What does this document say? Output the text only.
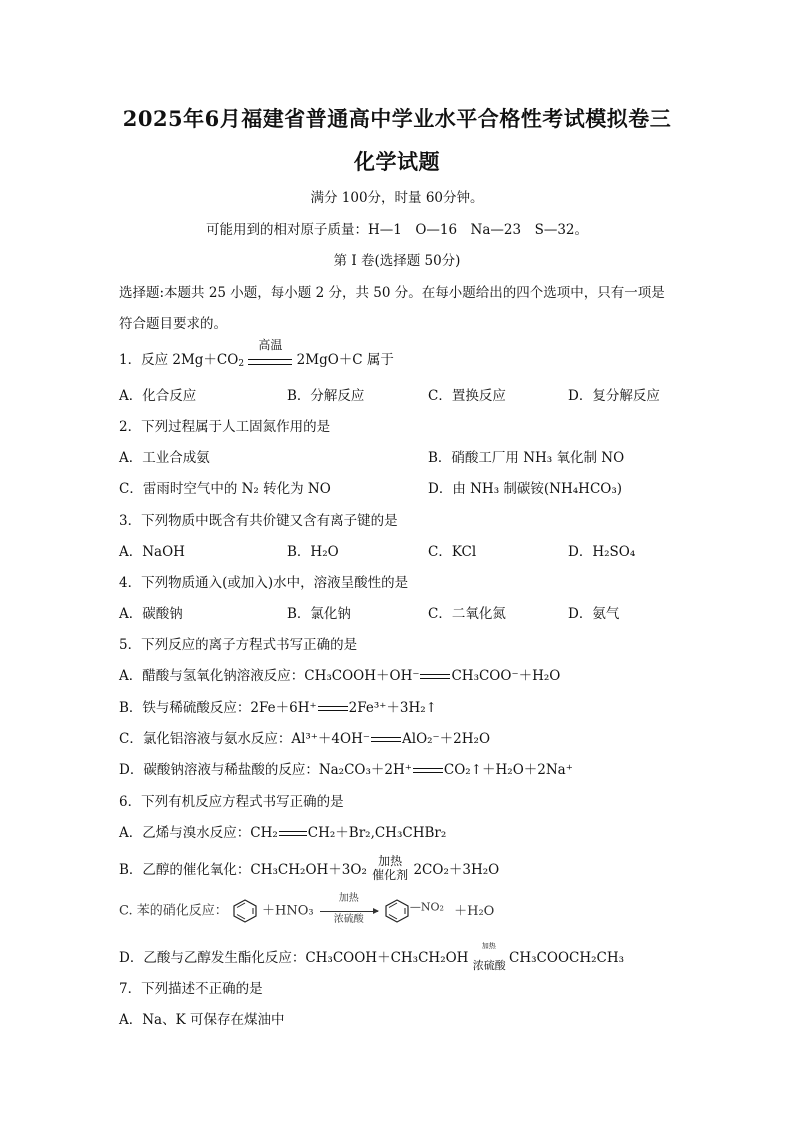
2025年6月福建省普通高中学业水平合格性考试模拟卷三
化学试题
满分 100分，时量 60分钟。
可能用到的相对原子质量：H—1　O—16　Na—23　S—32。
第 I 卷(选择题 50分)
选择题:本题共 25 小题，每小题 2 分，共 50 分。在每小题给出的四个选项中，只有一项是
符合题目要求的。
1．反应 $2Mg+CO_2$
高温
2MgO＋C 属于
A．化合反应	B．分解反应	C．置换反应	D．复分解反应
2．下列过程属于人工固氮作用的是
A．工业合成氨	B．硝酸工厂用 NH₃ 氧化制 NO
C．雷雨时空气中的 N₂ 转化为 NO	D．由 NH₃ 制碳铵(NH₄HCO₃)
3．下列物质中既含有共价键又含有离子键的是
A．NaOH	B．H₂O	C．KCl	D．H₂SO₄
4．下列物质通入(或加入)水中，溶液呈酸性的是
A．碳酸钠	B．氯化钠	C．二氧化氮	D．氨气
5．下列反应的离子方程式书写正确的是
A．醋酸与氢氧化钠溶液反应：CH₃COOH＋OH⁻ CH₃COO⁻＋H₂O
B．铁与稀硫酸反应：2Fe＋6H⁺ 2Fe³⁺＋3H₂↑
C．氯化铝溶液与氨水反应：Al³⁺＋4OH⁻ AlO₂⁻＋2H₂O
D．碳酸钠溶液与稀盐酸的反应：Na₂CO₃＋2H⁺ CO₂↑＋H₂O＋2Na⁺
6．下列有机反应方程式书写正确的是
A．乙烯与溴水反应：CH₂ CH₂＋Br₂,CH₃CHBr₂
B．乙醇的催化氧化：CH₃CH₂OH＋3O₂
加热
催化剂 2CO₂＋3H₂O
C. 苯的硝化反应：	＋HNO₃
加热
浓硫酸
$^{—NO_2}$ ＋H₂O
D．乙酸与乙醇发生酯化反应：CH₃COOH＋CH₃CH₂OH
加热
浓硫酸 CH₃COOCH₂CH₃
7．下列描述不正确的是
A．Na、K 可保存在煤油中
